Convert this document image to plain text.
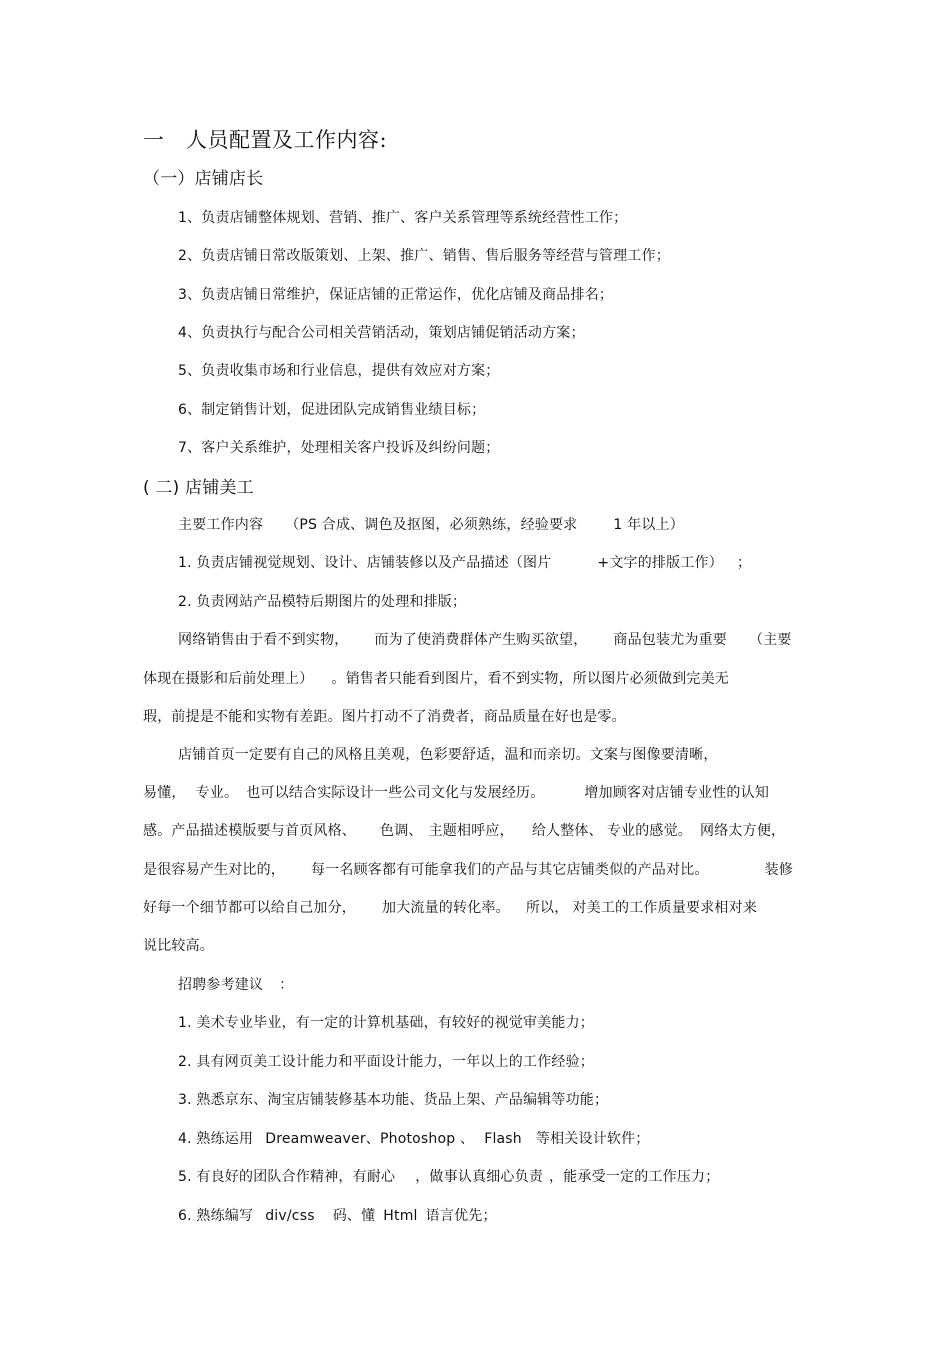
一　人员配置及工作内容:
（一）店铺店长
1、负责店铺整体规划、营销、推广、客户关系管理等系统经营性工作；
2、负责店铺日常改版策划、上架、推广、销售、售后服务等经营与管理工作；
3、负责店铺日常维护，保证店铺的正常运作，优化店铺及商品排名；
4、负责执行与配合公司相关营销活动，策划店铺促销活动方案；
5、负责收集市场和行业信息，提供有效应对方案；
6、制定销售计划，促进团队完成销售业绩目标；
7、客户关系维护，处理相关客户投诉及纠纷问题；
( 二) 店铺美工
主要工作内容 （PS 合成、调色及抠图，必须熟练，经验要求	1 年以上）
1. 负责店铺视觉规划、设计、店铺装修以及产品描述（图片	+文字的排版工作） ；
2. 负责网站产品模特后期图片的处理和排版；
网络销售由于看不到实物， 而为了使消费群体产生购买欲望， 商品包装尤为重要 （主要
体现在摄影和后前处理上） 。销售者只能看到图片，看不到实物，所以图片必须做到完美无
瑕，前提是不能和实物有差距。图片打动不了消费者，商品质量在好也是零。
店铺首页一定要有自己的风格且美观，色彩要舒适，温和而亲切。文案与图像要清晰，
易懂， 专业。 也可以结合实际设计一些公司文化与发展经历。	增加顾客对店铺专业性的认知
感。产品描述模版要与首页风格、 色调、 主题相呼应， 给人整体、 专业的感觉。 网络太方便，
是很容易产生对比的， 每一名顾客都有可能拿我们的产品与其它店铺类似的产品对比。	装修
好每一个细节都可以给自己加分， 加大流量的转化率。 所以， 对美工的工作质量要求相对来
说比较高。
招聘参考建议 ：
1. 美术专业毕业，有一定的计算机基础，有较好的视觉审美能力；
2. 具有网页美工设计能力和平面设计能力，一年以上的工作经验；
3. 熟悉京东、淘宝店铺装修基本功能、货品上架、产品编辑等功能；
4. 熟练运用 Dreamweaver、Photoshop 、 Flash 等相关设计软件；
5. 有良好的团队合作精神，有耐心 ，做事认真细心负责 ，能承受一定的工作压力；
6. 熟练编写 div/css 码、懂 Html 语言优先；
